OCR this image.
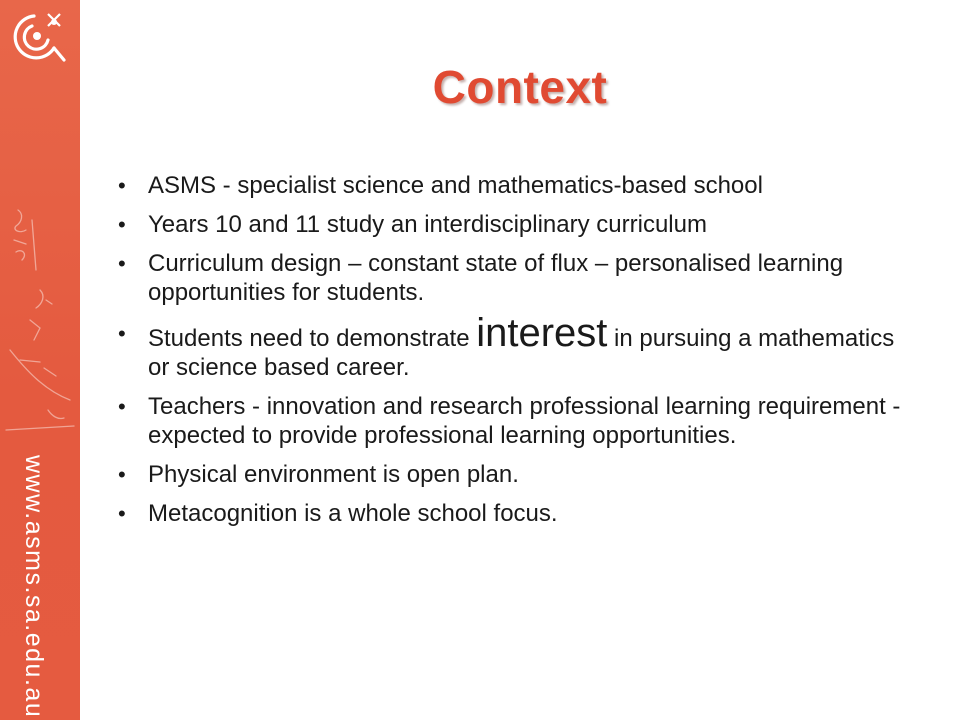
www.asms.sa.edu.au
Context
• ASMS - specialist science and mathematics-based school
• Years 10 and 11 study an interdisciplinary curriculum
• Curriculum design – constant state of flux – personalised learning opportunities for students.
• Students need to demonstrate interest in pursuing a mathematics or science based career.
• Teachers - innovation and research professional learning requirement - expected to provide professional learning opportunities.
• Physical environment is open plan.
• Metacognition is a whole school focus.
